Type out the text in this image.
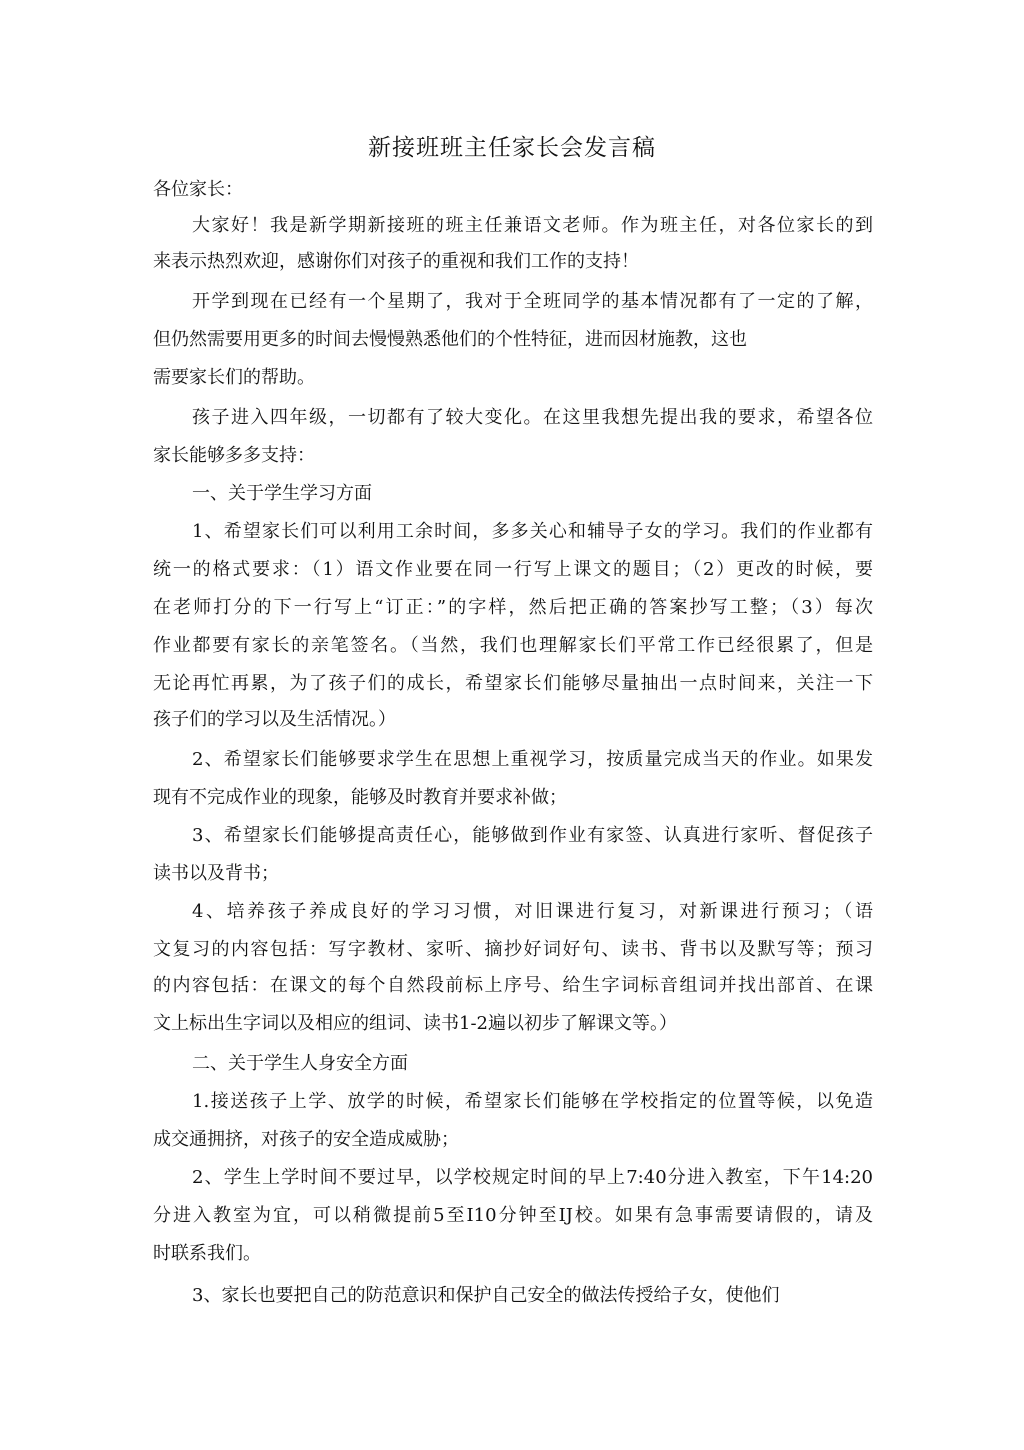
新接班班主任家长会发言稿
各位家长：
大家好！我是新学期新接班的班主任兼语文老师。作为班主任，对各位家长的到
来表示热烈欢迎，感谢你们对孩子的重视和我们工作的支持！
开学到现在已经有一个星期了，我对于全班同学的基本情况都有了一定的了解，
但仍然需要用更多的时间去慢慢熟悉他们的个性特征，进而因材施教，这也
需要家长们的帮助。
孩子进入四年级，一切都有了较大变化。在这里我想先提出我的要求，希望各位
家长能够多多支持：
一、关于学生学习方面
1、希望家长们可以利用工余时间，多多关心和辅导子女的学习。我们的作业都有
统一的格式要求：（1）语文作业要在同一行写上课文的题目；（2）更改的时候，要
在老师打分的下一行写上“订正：”的字样，然后把正确的答案抄写工整；（3）每次
作业都要有家长的亲笔签名。（当然，我们也理解家长们平常工作已经很累了，但是
无论再忙再累，为了孩子们的成长，希望家长们能够尽量抽出一点时间来，关注一下
孩子们的学习以及生活情况。）
2、希望家长们能够要求学生在思想上重视学习，按质量完成当天的作业。如果发
现有不完成作业的现象，能够及时教育并要求补做；
3、希望家长们能够提高责任心，能够做到作业有家签、认真进行家听、督促孩子
读书以及背书；
4、培养孩子养成良好的学习习惯，对旧课进行复习，对新课进行预习；（语
文复习的内容包括：写字教材、家听、摘抄好词好句、读书、背书以及默写等；预习
的内容包括：在课文的每个自然段前标上序号、给生字词标音组词并找出部首、在课
文上标出生字词以及相应的组词、读书1-2遍以初步了解课文等。）
二、关于学生人身安全方面
1.接送孩子上学、放学的时候，希望家长们能够在学校指定的位置等候，以免造
成交通拥挤，对孩子的安全造成威胁；
2、学生上学时间不要过早，以学校规定时间的早上7:40分进入教室，下午14:20
分进入教室为宜，可以稍微提前5至I10分钟至IJ校。如果有急事需要请假的，请及
时联系我们。
3、家长也要把自己的防范意识和保护自己安全的做法传授给子女，使他们
